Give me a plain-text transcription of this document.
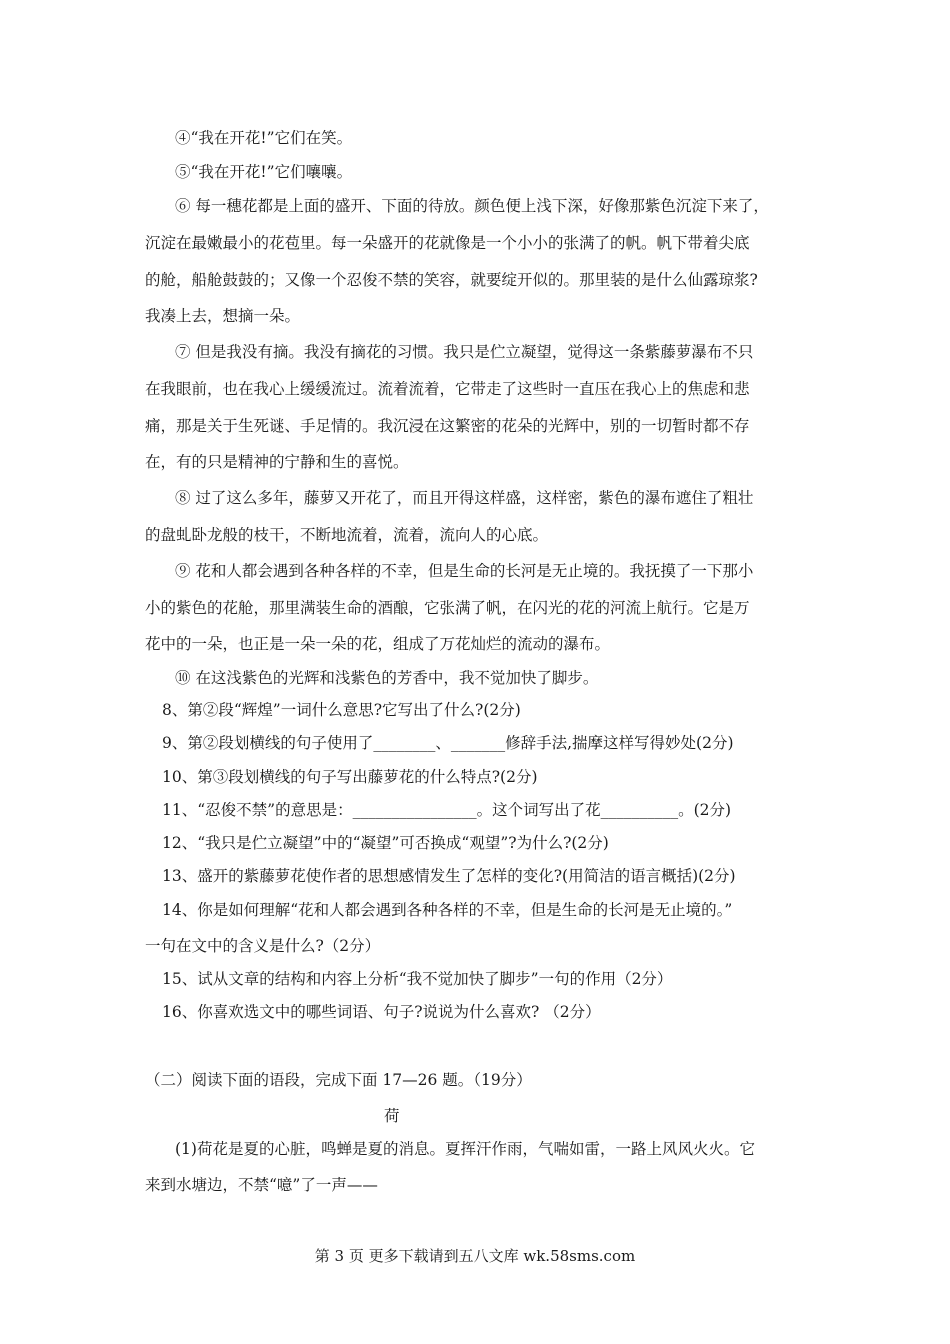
④“我在开花!”它们在笑。
⑤“我在开花!”它们嚷嚷。
⑥ 每一穗花都是上面的盛开、下面的待放。颜色便上浅下深，好像那紫色沉淀下来了，
沉淀在最嫩最小的花苞里。每一朵盛开的花就像是一个小小的张满了的帆。帆下带着尖底
的舱，船舱鼓鼓的；又像一个忍俊不禁的笑容，就要绽开似的。那里装的是什么仙露琼浆?
我凑上去，想摘一朵。
⑦ 但是我没有摘。我没有摘花的习惯。我只是伫立凝望，觉得这一条紫藤萝瀑布不只
在我眼前，也在我心上缓缓流过。流着流着，它带走了这些时一直压在我心上的焦虑和悲
痛，那是关于生死谜、手足情的。我沉浸在这繁密的花朵的光辉中，别的一切暂时都不存
在，有的只是精神的宁静和生的喜悦。
⑧ 过了这么多年，藤萝又开花了，而且开得这样盛，这样密，紫色的瀑布遮住了粗壮
的盘虬卧龙般的枝干，不断地流着，流着，流向人的心底。
⑨ 花和人都会遇到各种各样的不幸，但是生命的长河是无止境的。我抚摸了一下那小
小的紫色的花舱，那里满装生命的酒酿，它张满了帆，在闪光的花的河流上航行。它是万
花中的一朵，也正是一朵一朵的花，组成了万花灿烂的流动的瀑布。
⑩ 在这浅紫色的光辉和浅紫色的芳香中，我不觉加快了脚步。
8、第②段“辉煌”一词什么意思?它写出了什么?(2分)
9、第②段划横线的句子使用了________、_______修辞手法,揣摩这样写得妙处(2分)
10、第③段划横线的句子写出藤萝花的什么特点?(2分)
11、“忍俊不禁”的意思是：________________。这个词写出了花__________。(2分)
12、“我只是伫立凝望”中的“凝望”可否换成“观望”?为什么?(2分)
13、盛开的紫藤萝花使作者的思想感情发生了怎样的变化?(用简洁的语言概括)(2分)
14、你是如何理解“花和人都会遇到各种各样的不幸，但是生命的长河是无止境的。”
一句在文中的含义是什么?（2分）
15、试从文章的结构和内容上分析“我不觉加快了脚步”一句的作用（2分）
16、你喜欢选文中的哪些词语、句子?说说为什么喜欢? （2分）
（二）阅读下面的语段，完成下面 17—26 题。（19分）
荷
(1)荷花是夏的心脏，鸣蝉是夏的消息。夏挥汗作雨，气喘如雷，一路上风风火火。它
来到水塘边，不禁“噫”了一声——
第 3 页 更多下载请到五八文库 wk.58sms.com
